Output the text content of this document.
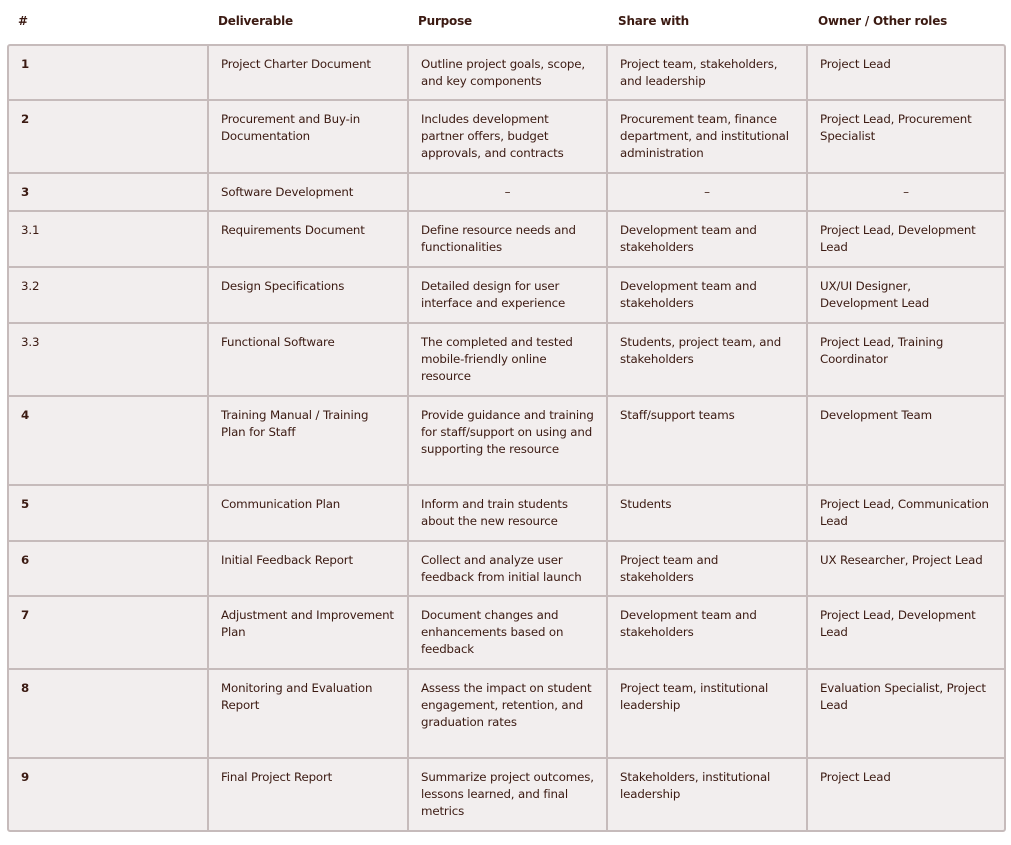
#	Deliverable	Purpose	Share with	Owner / Other roles
1	Project Charter Document	Outline project goals, scope, and key components	Project team, stakeholders, and leadership	Project Lead
2	Procurement and Buy-in Documentation	Includes development partner offers, budget approvals, and contracts	Procurement team, finance department, and institutional administration	Project Lead, Procurement Specialist
3	Software Development	–	–	–
3.1	Requirements Document	Define resource needs and functionalities	Development team and stakeholders	Project Lead, Development Lead
3.2	Design Specifications	Detailed design for user interface and experience	Development team and stakeholders	UX/UI Designer, Development Lead
3.3	Functional Software	The completed and tested mobile-friendly online resource	Students, project team, and stakeholders	Project Lead, Training Coordinator
4	Training Manual / Training Plan for Staff	Provide guidance and training for staff/support on using and supporting the resource	Staff/support teams	Development Team
5	Communication Plan	Inform and train students about the new resource	Students	Project Lead, Communication Lead
6	Initial Feedback Report	Collect and analyze user feedback from initial launch	Project team and stakeholders	UX Researcher, Project Lead
7	Adjustment and Improvement Plan	Document changes and enhancements based on feedback	Development team and stakeholders	Project Lead, Development Lead
8	Monitoring and Evaluation Report	Assess the impact on student engagement, retention, and graduation rates	Project team, institutional leadership	Evaluation Specialist, Project Lead
9	Final Project Report	Summarize project outcomes, lessons learned, and final metrics	Stakeholders, institutional leadership	Project Lead
